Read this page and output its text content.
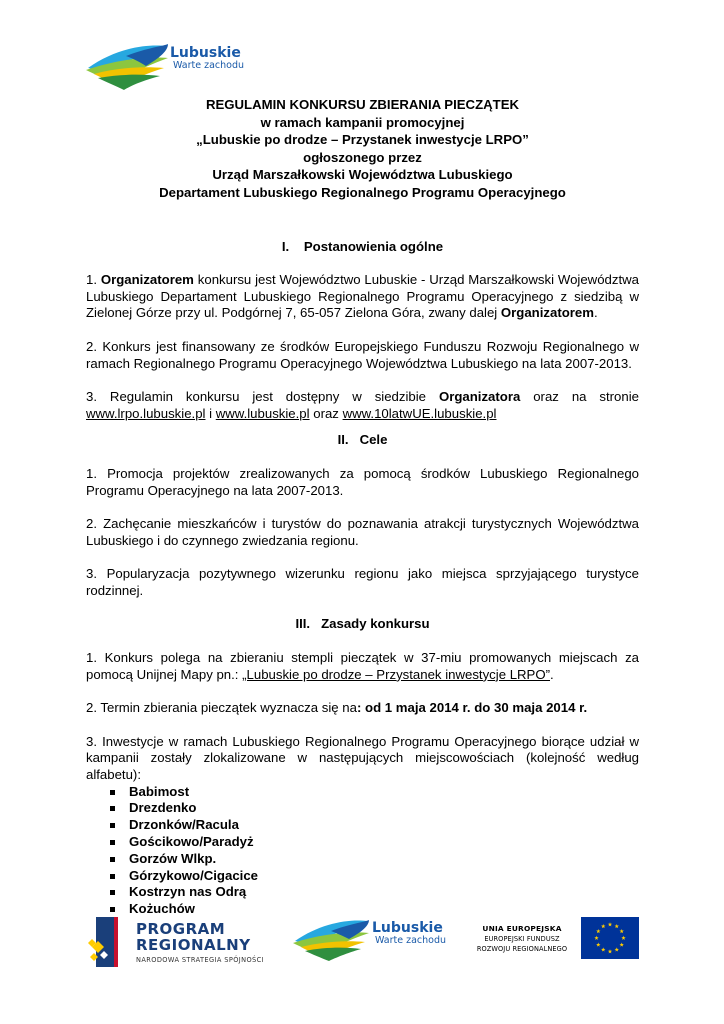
Lubuskie
Warte zachodu
REGULAMIN KONKURSU ZBIERANIA PIECZĄTEK
w ramach kampanii promocyjnej
„Lubuskie po drodze – Przystanek inwestycje LRPO”
ogłoszonego przez
Urząd Marszałkowski Województwa Lubuskiego
Departament Lubuskiego Regionalnego Programu Operacyjnego
I. Postanowienia ogólne

1. Organizatorem konkursu jest Województwo Lubuskie - Urząd Marszałkowski Województwa Lubuskiego Departament Lubuskiego Regionalnego Programu Operacyjnego z siedzibą w Zielonej Górze przy ul. Podgórnej 7, 65-057 Zielona Góra, zwany dalej Organizatorem.

2. Konkurs jest finansowany ze środków Europejskiego Funduszu Rozwoju Regionalnego w ramach Regionalnego Programu Operacyjnego Województwa Lubuskiego na lata 2007-2013.

3. Regulamin konkursu jest dostępny w siedzibie Organizatora oraz na stronie www.lrpo.lubuskie.pl i www.lubuskie.pl oraz www.10latwUE.lubuskie.pl

II. Cele

1. Promocja projektów zrealizowanych za pomocą środków Lubuskiego Regionalnego Programu Operacyjnego na lata 2007-2013.

2. Zachęcanie mieszkańców i turystów do poznawania atrakcji turystycznych Województwa Lubuskiego i do czynnego zwiedzania regionu.

3. Popularyzacja pozytywnego wizerunku regionu jako miejsca sprzyjającego turystyce rodzinnej.

III. Zasady konkursu

1. Konkurs polega na zbieraniu stempli pieczątek w 37-miu promowanych miejscach za pomocą Unijnej Mapy pn.: „Lubuskie po drodze – Przystanek inwestycje LRPO”.

2. Termin zbierania pieczątek wyznacza się na: od 1 maja 2014 r. do 30 maja 2014 r.

3. Inwestycje w ramach Lubuskiego Regionalnego Programu Operacyjnego biorące udział w kampanii zostały zlokalizowane w następujących miejscowościach (kolejność według alfabetu):

Babimost
Drezdenko
Drzonków/Racula
Gościkowo/Paradyż
Gorzów Wlkp.
Górzykowo/Cigacice
Kostrzyn nas Odrą
Kożuchów
PROGRAM
REGIONALNY
NARODOWA STRATEGIA SPÓJNOŚCI
Lubuskie
Warte zachodu
UNIA EUROPEJSKA
EUROPEJSKI FUNDUSZ
ROZWOJU REGIONALNEGO
